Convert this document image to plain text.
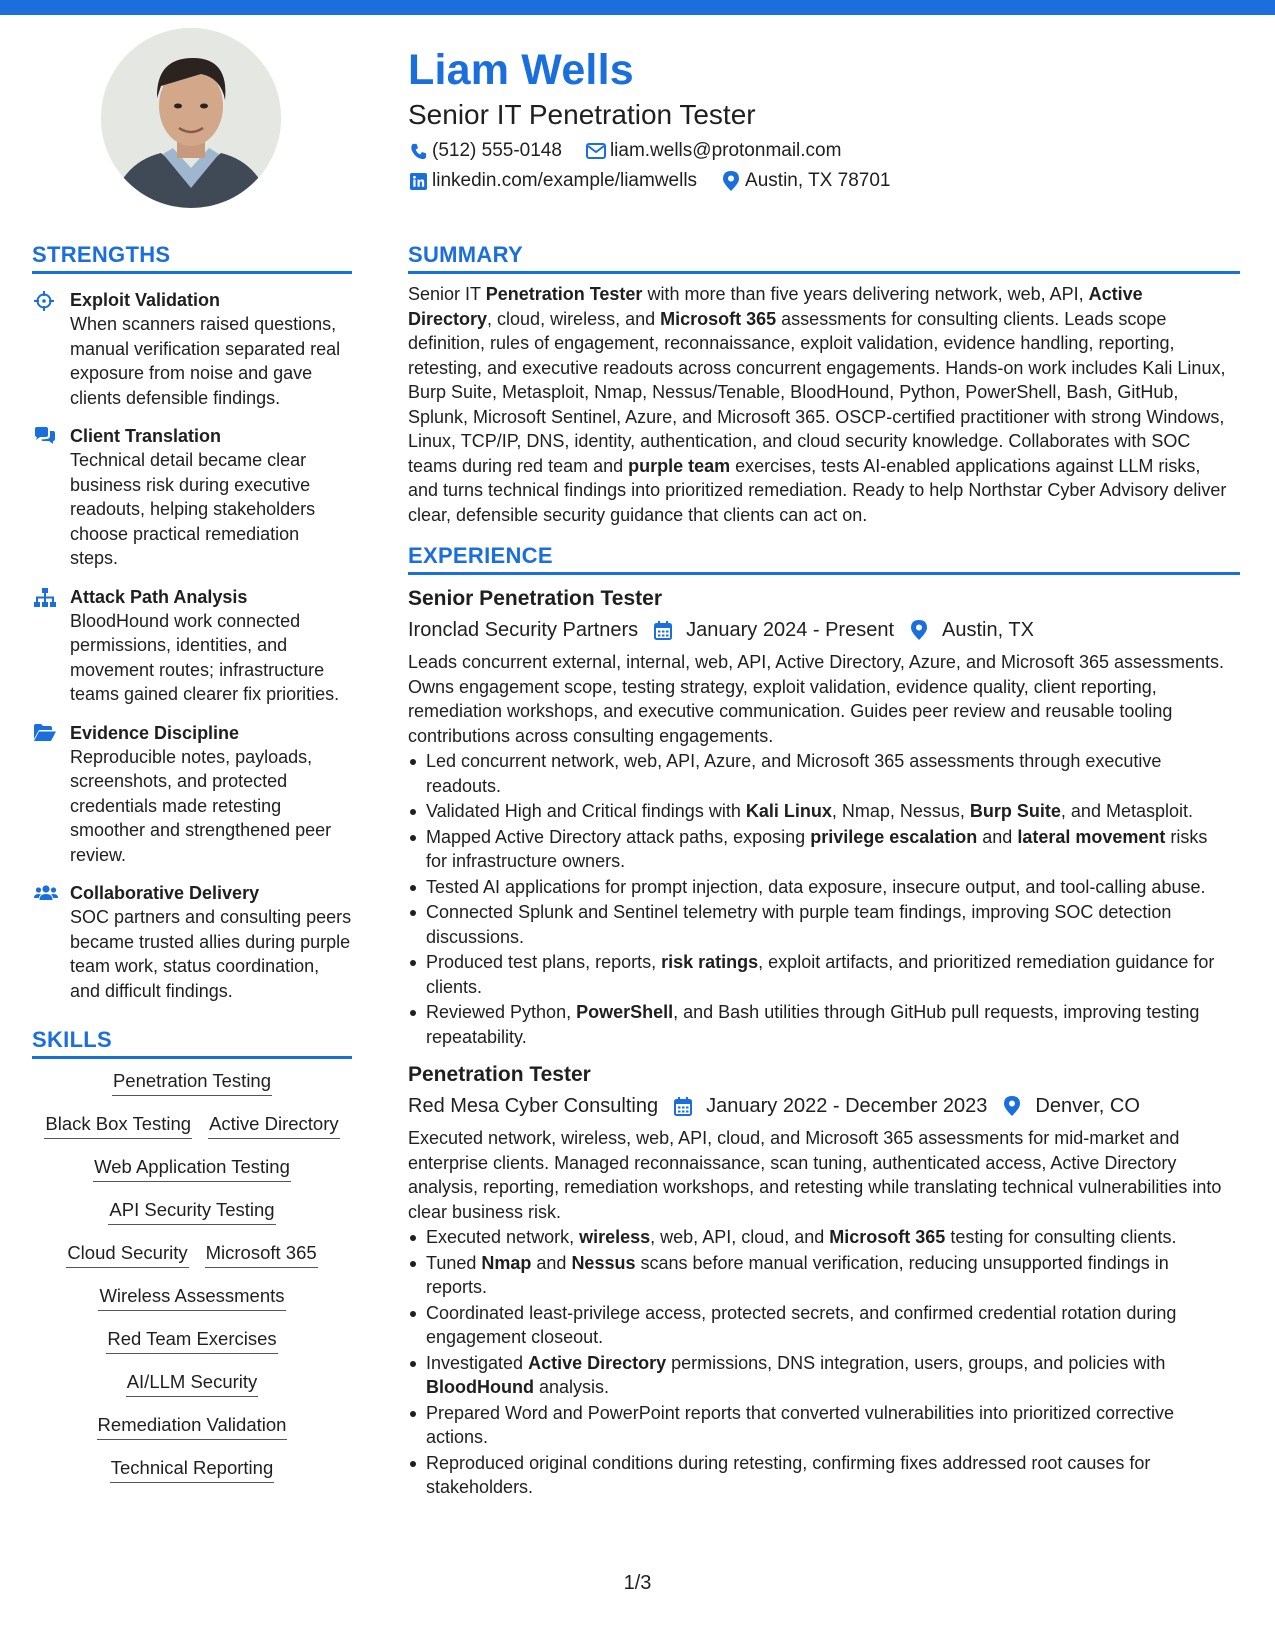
Liam Wells
Senior IT Penetration Tester
(512) 555-0148	liam.wells@protonmail.com
linkedin.com/example/liamwells	Austin, TX 78701
STRENGTHS
Exploit Validation
When scanners raised questions, manual verification separated real exposure from noise and gave clients defensible findings.
Client Translation
Technical detail became clear business risk during executive readouts, helping stakeholders choose practical remediation steps.
Attack Path Analysis
BloodHound work connected permissions, identities, and movement routes; infrastructure teams gained clearer fix priorities.
Evidence Discipline
Reproducible notes, payloads, screenshots, and protected credentials made retesting smoother and strengthened peer review.
Collaborative Delivery
SOC partners and consulting peers became trusted allies during purple team work, status coordination, and difficult findings.
SKILLS
Penetration Testing
Black Box Testing Active Directory
Web Application Testing
API Security Testing
Cloud Security Microsoft 365
Wireless Assessments
Red Team Exercises
AI/LLM Security
Remediation Validation
Technical Reporting
SUMMARY

Senior IT Penetration Tester with more than five years delivering network, web, API, Active Directory, cloud, wireless, and Microsoft 365 assessments for consulting clients. Leads scope definition, rules of engagement, reconnaissance, exploit validation, evidence handling, reporting, retesting, and executive readouts across concurrent engagements. Hands-on work includes Kali Linux, Burp Suite, Metasploit, Nmap, Nessus/Tenable, BloodHound, Python, PowerShell, Bash, GitHub, Splunk, Microsoft Sentinel, Azure, and Microsoft 365. OSCP-certified practitioner with strong Windows, Linux, TCP/IP, DNS, identity, authentication, and cloud security knowledge. Collaborates with SOC teams during red team and purple team exercises, tests AI-enabled applications against LLM risks, and turns technical findings into prioritized remediation. Ready to help Northstar Cyber Advisory deliver clear, defensible security guidance that clients can act on.

EXPERIENCE
Senior Penetration Tester
Ironclad Security Partners January 2024 - Present Austin, TX

Leads concurrent external, internal, web, API, Active Directory, Azure, and Microsoft 365 assessments. Owns engagement scope, testing strategy, exploit validation, evidence quality, client reporting, remediation workshops, and executive communication. Guides peer review and reusable tooling contributions across consulting engagements.

Led concurrent network, web, API, Azure, and Microsoft 365 assessments through executive readouts.
Validated High and Critical findings with Kali Linux, Nmap, Nessus, Burp Suite, and Metasploit.
Mapped Active Directory attack paths, exposing privilege escalation and lateral movement risks for infrastructure owners.
Tested AI applications for prompt injection, data exposure, insecure output, and tool-calling abuse.
Connected Splunk and Sentinel telemetry with purple team findings, improving SOC detection discussions.
Produced test plans, reports, risk ratings, exploit artifacts, and prioritized remediation guidance for clients.
Reviewed Python, PowerShell, and Bash utilities through GitHub pull requests, improving testing repeatability.
Penetration Tester
Red Mesa Cyber Consulting January 2022 - December 2023 Denver, CO

Executed network, wireless, web, API, cloud, and Microsoft 365 assessments for mid-market and enterprise clients. Managed reconnaissance, scan tuning, authenticated access, Active Directory analysis, reporting, remediation workshops, and retesting while translating technical vulnerabilities into clear business risk.

Executed network, wireless, web, API, cloud, and Microsoft 365 testing for consulting clients.
Tuned Nmap and Nessus scans before manual verification, reducing unsupported findings in reports.
Coordinated least-privilege access, protected secrets, and confirmed credential rotation during engagement closeout.
Investigated Active Directory permissions, DNS integration, users, groups, and policies with BloodHound analysis.
Prepared Word and PowerPoint reports that converted vulnerabilities into prioritized corrective actions.
Reproduced original conditions during retesting, confirming fixes addressed root causes for stakeholders.
1/3
